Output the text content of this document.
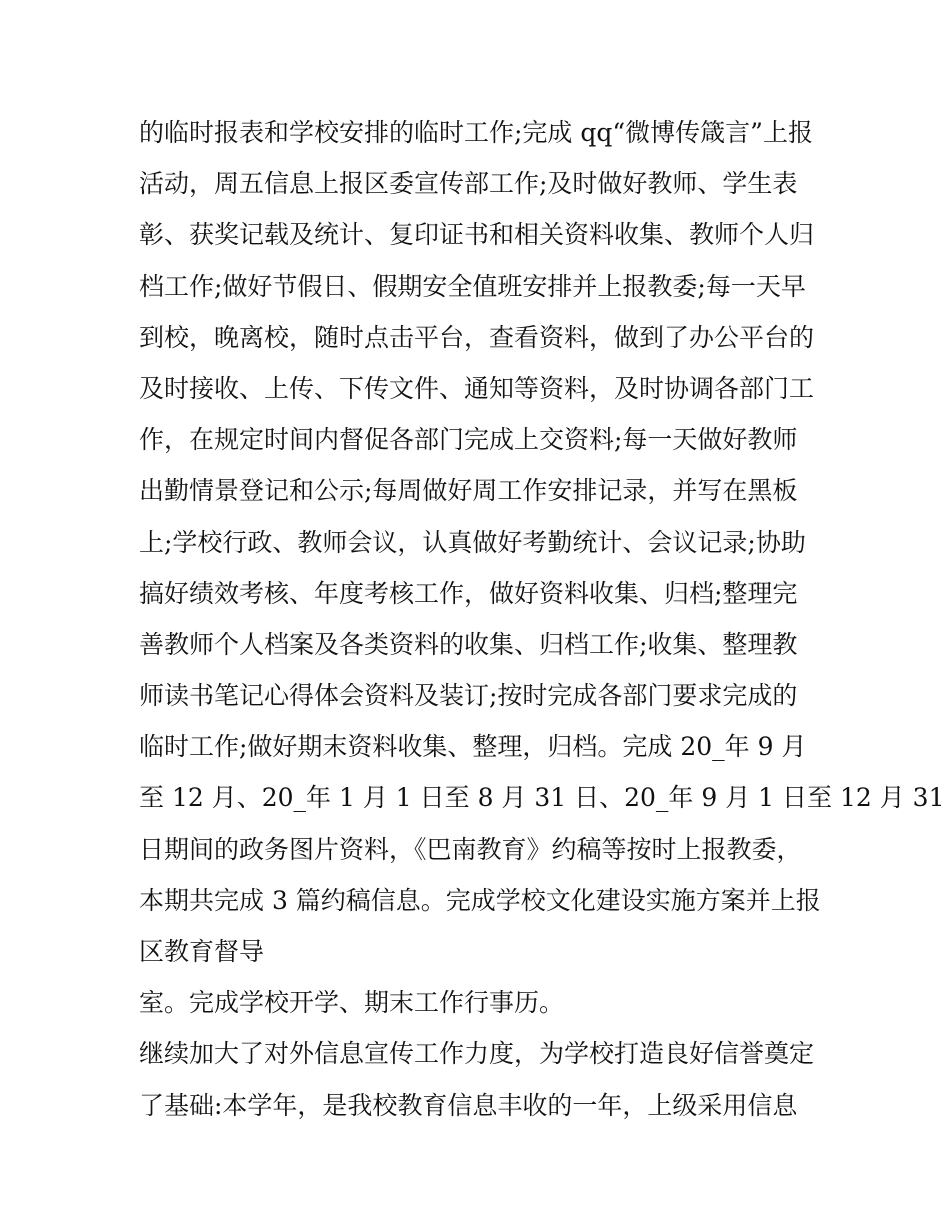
的临时报表和学校安排的临时工作;完成 qq“微博传箴言”上报
活动，周五信息上报区委宣传部工作;及时做好教师、学生表
彰、获奖记载及统计、复印证书和相关资料收集、教师个人归
档工作;做好节假日、假期安全值班安排并上报教委;每一天早
到校，晚离校，随时点击平台，查看资料，做到了办公平台的
及时接收、上传、下传文件、通知等资料，及时协调各部门工
作，在规定时间内督促各部门完成上交资料;每一天做好教师
出勤情景登记和公示;每周做好周工作安排记录，并写在黑板
上;学校行政、教师会议，认真做好考勤统计、会议记录;协助
搞好绩效考核、年度考核工作，做好资料收集、归档;整理完
善教师个人档案及各类资料的收集、归档工作;收集、整理教
师读书笔记心得体会资料及装订;按时完成各部门要求完成的
临时工作;做好期末资料收集、整理，归档。完成 20_年 9 月
至 12 月、20_年 1 月 1 日至 8 月 31 日、20_年 9 月 1 日至 12 月 31
日期间的政务图片资料，《巴南教育》约稿等按时上报教委，
本期共完成 3 篇约稿信息。完成学校文化建设实施方案并上报
区教育督导
室。完成学校开学、期末工作行事历。
继续加大了对外信息宣传工作力度，为学校打造良好信誉奠定
了基础:本学年，是我校教育信息丰收的一年，上级采用信息
